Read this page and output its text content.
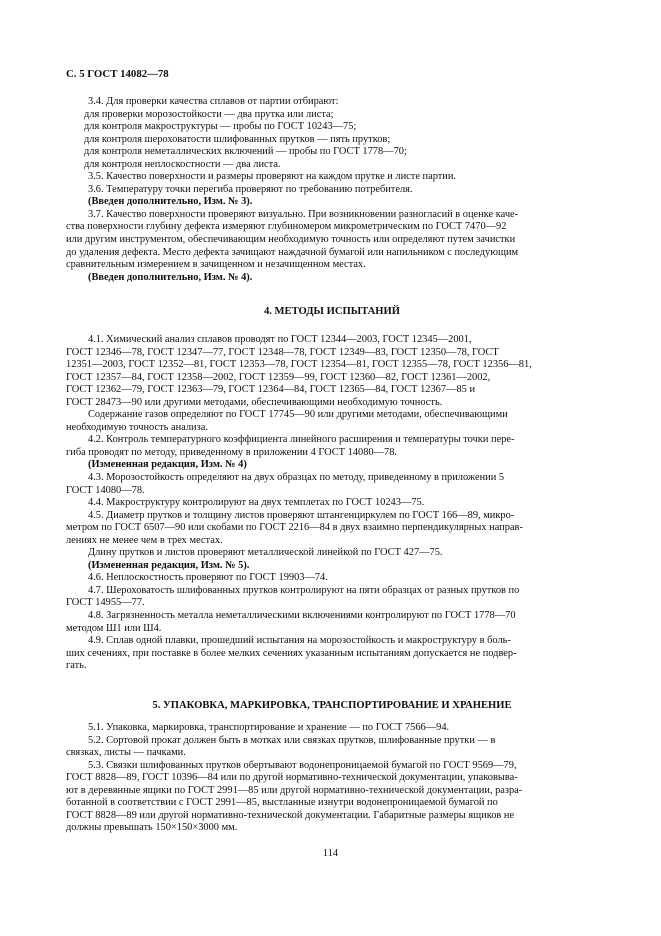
С. 5 ГОСТ 14082—78

3.4. Для проверки качества сплавов от партии отбирают:

для проверки морозостойкости — два прутка или листа;

для контроля макроструктуры — пробы по ГОСТ 10243—75;

для контроля шероховатости шлифованных прутков — пять прутков;

для контроля неметаллических включений — пробы по ГОСТ 1778—70;

для контроля неплоскостности — два листа.

3.5. Качество поверхности и размеры проверяют на каждом прутке и листе партии.

3.6. Температуру точки перегиба проверяют по требованию потребителя.

(Введен дополнительно, Изм. № 3).

3.7. Качество поверхности проверяют визуально. При возникновении разногласий в оценке каче-

ства поверхности глубину дефекта измеряют глубиномером микрометрическим по ГОСТ 7470—92

или другим инструментом, обеспечивающим необходимую точность или определяют путем зачистки

до удаления дефекта. Место дефекта зачищают наждачной бумагой или напильником с последующим

сравнительным измерением в зачищенном и незачищенном местах.

(Введен дополнительно, Изм. № 4).

4. МЕТОДЫ ИСПЫТАНИЙ

4.1. Химический анализ сплавов проводят по ГОСТ 12344—2003, ГОСТ 12345—2001,

ГОСТ 12346—78, ГОСТ 12347—77, ГОСТ 12348—78, ГОСТ 12349—83, ГОСТ 12350—78, ГОСТ

12351—2003, ГОСТ 12352—81, ГОСТ 12353—78, ГОСТ 12354—81, ГОСТ 12355—78, ГОСТ 12356—81,

ГОСТ 12357—84, ГОСТ 12358—2002, ГОСТ 12359—99, ГОСТ 12360—82, ГОСТ 12361—2002,

ГОСТ 12362—79, ГОСТ 12363—79, ГОСТ 12364—84, ГОСТ 12365—84, ГОСТ 12367—85 и

ГОСТ 28473—90 или другими методами, обеспечивающими необходимую точность.

Содержание газов определяют по ГОСТ 17745—90 или другими методами, обеспечивающими

необходимую точность анализа.

4.2. Контроль температурного коэффициента линейного расширения и температуры точки пере-

гиба проводят по методу, приведенному в приложении 4 ГОСТ 14080—78.

(Измененная редакция, Изм. № 4)

4.3. Морозостойкость определяют на двух образцах по методу, приведенному в приложении 5

ГОСТ 14080—78.

4.4. Макроструктуру контролируют на двух темплетах по ГОСТ 10243—75.

4.5. Диаметр прутков и толщину листов проверяют штангенциркулем по ГОСТ 166—89, микро-

метром по ГОСТ 6507—90 или скобами по ГОСТ 2216—84 в двух взаимно перпендикулярных направ-

лениях не менее чем в трех местах.

Длину прутков и листов проверяют металлической линейкой по ГОСТ 427—75.

(Измененная редакция, Изм. № 5).

4.6. Неплоскостность проверяют по ГОСТ 19903—74.

4.7. Шероховатость шлифованных прутков контролируют на пяти образцах от разных прутков по

ГОСТ 14955—77.

4.8. Загрязненность металла неметаллическими включениями контролируют по ГОСТ 1778—70

методом Ш1 или Ш4.

4.9. Сплав одной плавки, прошедший испытания на морозостойкость и макроструктуру в боль-

ших сечениях, при поставке в более мелких сечениях указанным испытаниям допускается не подвер-

гать.

5. УПАКОВКА, МАРКИРОВКА, ТРАНСПОРТИРОВАНИЕ И ХРАНЕНИЕ

5.1. Упаковка, маркировка, транспортирование и хранение — по ГОСТ 7566—94.

5.2. Сортовой прокат должен быть в мотках или связках прутков, шлифованные прутки — в

связках, листы — пачками.

5.3. Связки шлифованных прутков обертывают водонепроницаемой бумагой по ГОСТ 9569—79,

ГОСТ 8828—89, ГОСТ 10396—84 или по другой нормативно-технической документации, упаковыва-

ют в деревянные ящики по ГОСТ 2991—85 или другой нормативно-технической документации, разра-

ботанной в соответствии с ГОСТ 2991—85, выстланные изнутри водонепроницаемой бумагой по

ГОСТ 8828—89 или другой нормативно-технической документации. Габаритные размеры ящиков не

должны превышать 150×150×3000 мм.

114
